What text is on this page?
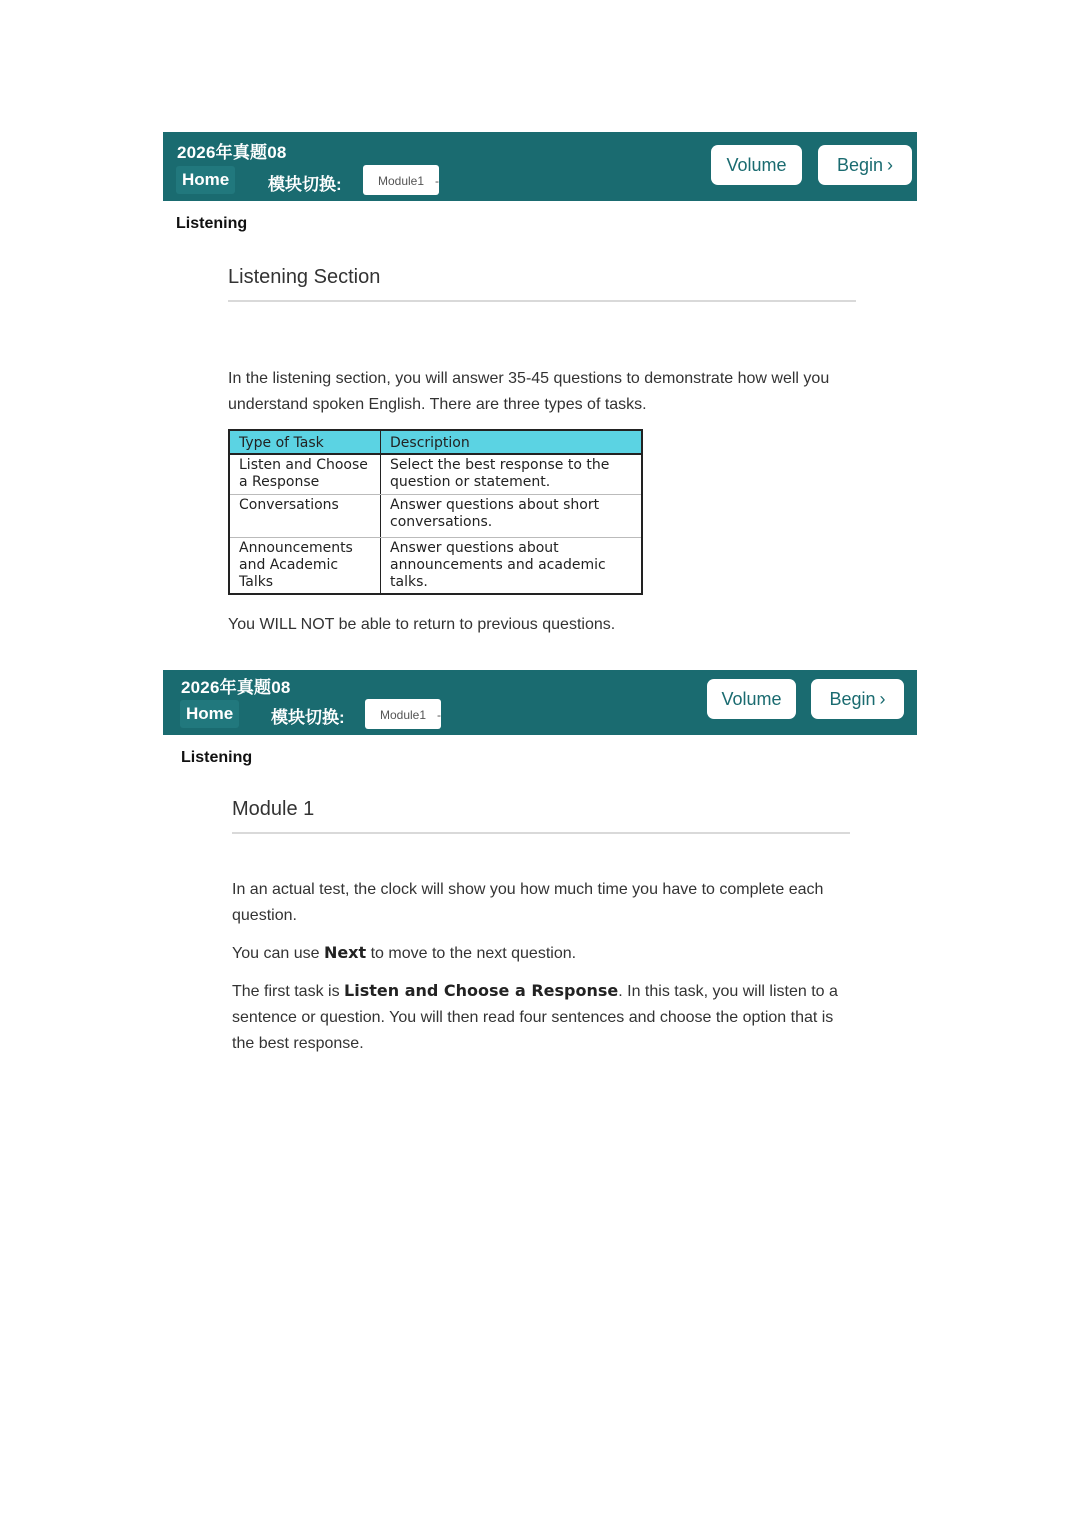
2026年真题08
Home	模块切换:	Module1 -
Volume	Begin ›
Listening
Listening Section

In the listening section, you will answer 35-45 questions to demonstrate how well you understand spoken English. There are three types of tasks.

Type of Task	Description
Listen and Choose a Response	Select the best response to the question or statement.
Conversations	Answer questions about short conversations.
Announcements and Academic Talks	Answer questions about announcements and academic talks.

You WILL NOT be able to return to previous questions.

2026年真题08
Home	模块切换:	Module1 -
Volume	Begin ›
Listening
Module 1

In an actual test, the clock will show you how much time you have to complete each question.

You can use Next to move to the next question.

The first task is Listen and Choose a Response. In this task, you will listen to a sentence or question. You will then read four sentences and choose the option that is the best response.
